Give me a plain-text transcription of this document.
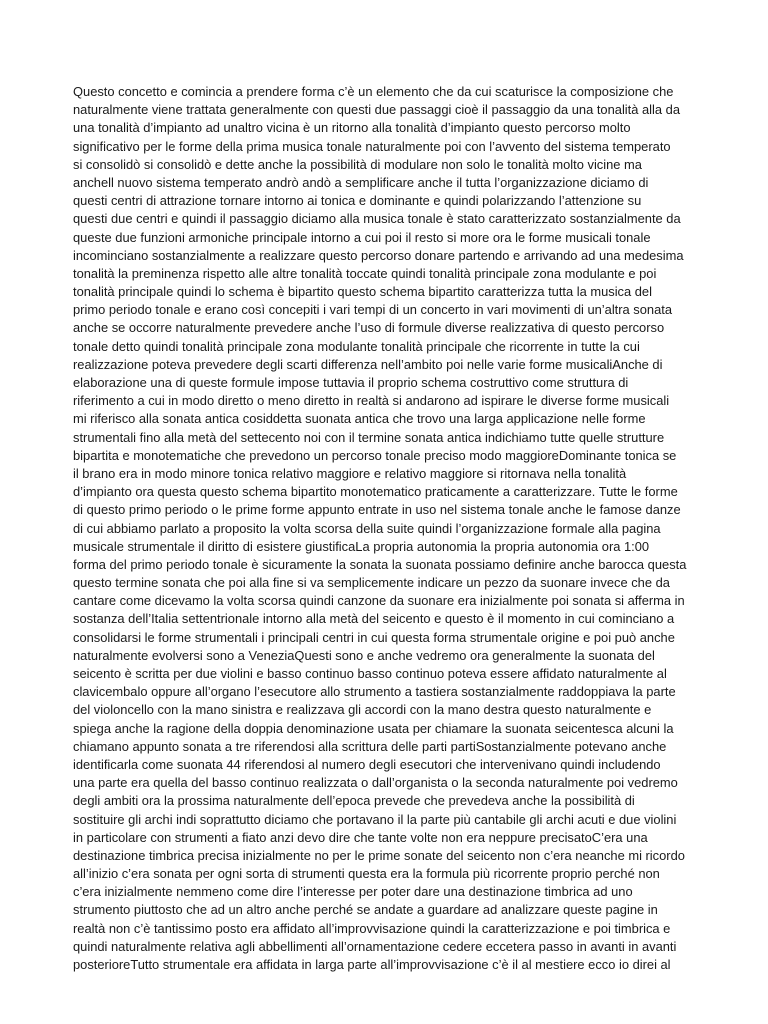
Questo concetto e comincia a prendere forma c’è un elemento che da cui scaturisce la composizione che
naturalmente viene trattata generalmente con questi due passaggi cioè il passaggio da una tonalità alla da
una tonalità d’impianto ad unaltro vicina è un ritorno alla tonalità d’impianto questo percorso molto
significativo per le forme della prima musica tonale naturalmente poi con l’avvento del sistema temperato
si consolidò si consolidò e dette anche la possibilità di modulare non solo le tonalità molto vicine ma
anchell nuovo sistema temperato andrò andò a semplificare anche il tutta l’organizzazione diciamo di
questi centri di attrazione tornare intorno ai tonica e dominante e quindi polarizzando l’attenzione su
questi due centri e quindi il passaggio diciamo alla musica tonale è stato caratterizzato sostanzialmente da
queste due funzioni armoniche principale intorno a cui poi il resto si more ora le forme musicali tonale
incominciano sostanzialmente a realizzare questo percorso donare partendo e arrivando ad una medesima
tonalità la preminenza rispetto alle altre tonalità toccate quindi tonalità principale zona modulante e poi
tonalità principale quindi lo schema è bipartito questo schema bipartito caratterizza tutta la musica del
primo periodo tonale e erano così concepiti i vari tempi di un concerto in vari movimenti di un’altra sonata
anche se occorre naturalmente prevedere anche l’uso di formule diverse realizzativa di questo percorso
tonale detto quindi tonalità principale zona modulante tonalità principale che ricorrente in tutte la cui
realizzazione poteva prevedere degli scarti differenza nell’ambito poi nelle varie forme musicaliAnche di
elaborazione una di queste formule impose tuttavia il proprio schema costruttivo come struttura di
riferimento a cui in modo diretto o meno diretto in realtà si andarono ad ispirare le diverse forme musicali
mi riferisco alla sonata antica cosiddetta suonata antica che trovo una larga applicazione nelle forme
strumentali fino alla metà del settecento noi con il termine sonata antica indichiamo tutte quelle strutture
bipartita e monotematiche che prevedono un percorso tonale preciso modo maggioreDominante tonica se
il brano era in modo minore tonica relativo maggiore e relativo maggiore si ritornava nella tonalità
d’impianto ora questa questo schema bipartito monotematico praticamente a caratterizzare. Tutte le forme
di questo primo periodo o le prime forme appunto entrate in uso nel sistema tonale anche le famose danze
di cui abbiamo parlato a proposito la volta scorsa della suite quindi l’organizzazione formale alla pagina
musicale strumentale il diritto di esistere giustificaLa propria autonomia la propria autonomia ora 1:00
forma del primo periodo tonale è sicuramente la sonata la suonata possiamo definire anche barocca questa
questo termine sonata che poi alla fine si va semplicemente indicare un pezzo da suonare invece che da
cantare come dicevamo la volta scorsa quindi canzone da suonare era inizialmente poi sonata si afferma in
sostanza dell’Italia settentrionale intorno alla metà del seicento e questo è il momento in cui cominciano a
consolidarsi le forme strumentali i principali centri in cui questa forma strumentale origine e poi può anche
naturalmente evolversi sono a VeneziaQuesti sono e anche vedremo ora generalmente la suonata del
seicento è scritta per due violini e basso continuo basso continuo poteva essere affidato naturalmente al
clavicembalo oppure all’organo l’esecutore allo strumento a tastiera sostanzialmente raddoppiava la parte
del violoncello con la mano sinistra e realizzava gli accordi con la mano destra questo naturalmente e
spiega anche la ragione della doppia denominazione usata per chiamare la suonata seicentesca alcuni la
chiamano appunto sonata a tre riferendosi alla scrittura delle parti partiSostanzialmente potevano anche
identificarla come suonata 44 riferendosi al numero degli esecutori che intervenivano quindi includendo
una parte era quella del basso continuo realizzata o dall’organista o la seconda naturalmente poi vedremo
degli ambiti ora la prossima naturalmente dell’epoca prevede che prevedeva anche la possibilità di
sostituire gli archi indi soprattutto diciamo che portavano il la parte più cantabile gli archi acuti e due violini
in particolare con strumenti a fiato anzi devo dire che tante volte non era neppure precisatoC’era una
destinazione timbrica precisa inizialmente no per le prime sonate del seicento non c’era neanche mi ricordo
all’inizio c’era sonata per ogni sorta di strumenti questa era la formula più ricorrente proprio perché non
c’era inizialmente nemmeno come dire l’interesse per poter dare una destinazione timbrica ad uno
strumento piuttosto che ad un altro anche perché se andate a guardare ad analizzare queste pagine in
realtà non c’è tantissimo posto era affidato all’improvvisazione quindi la caratterizzazione e poi timbrica e
quindi naturalmente relativa agli abbellimenti all’ornamentazione cedere eccetera passo in avanti in avanti
posterioreTutto strumentale era affidata in larga parte all’improvvisazione c’è il al mestiere ecco io direi al
